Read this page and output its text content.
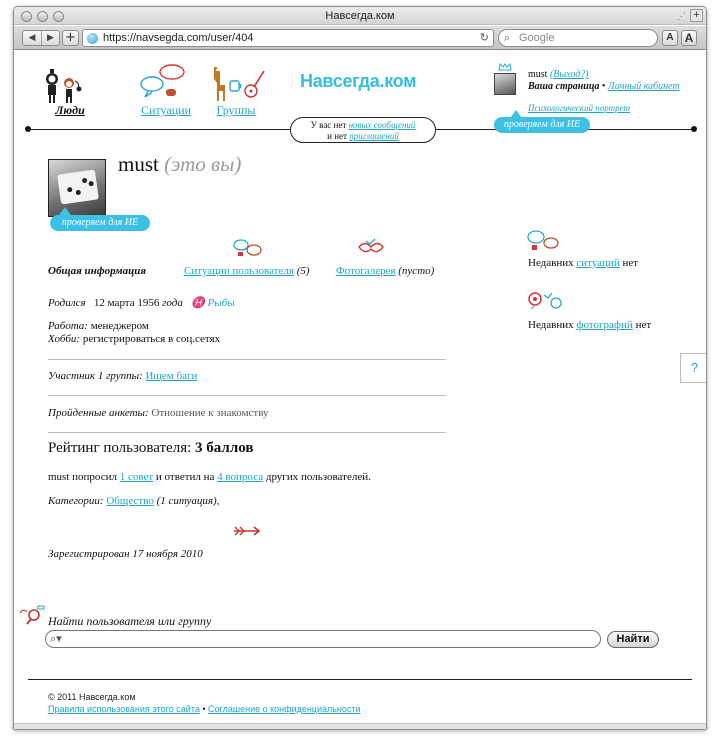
Навсегда.ком	⋰ +
◀	▶ +	https://navsegda.com/user/404	↻ ⌕ Google	A A
Люди	Ситуации	Группы
Навсегда.ком	must (Выход?)
Ваша страница • Личный кабинет
Психологический портрет
У вас нет новых сообщений
и нет приглашений
проверяем для ИЕ
must (это вы)
проверяем для ИЕ
Общая информация	Ситуации пользователя (5) Фотогалерея (пусто)
Недавних ситуаций нет
Недавних фотографий нет
?
Родился 12 марта 1956 года ♓ Рыбы
Работа: менеджером
Хобби: регистрироваться в соц.сетях
Участник 1 группы: Ищем баги
Пройденные анкеты: Отношение к знакомству
Рейтинг пользователя: 3 баллов
must попросил 1 совет и ответил на 4 вопроса других пользователей.
Категории: Общество (1 ситуация),
Зарегистрирован 17 ноября 2010
Найти пользователя или группу
⌕▾	Найти
© 2011 Навсегда.ком
Правила использования этого сайта • Соглашение о конфиденциальности
